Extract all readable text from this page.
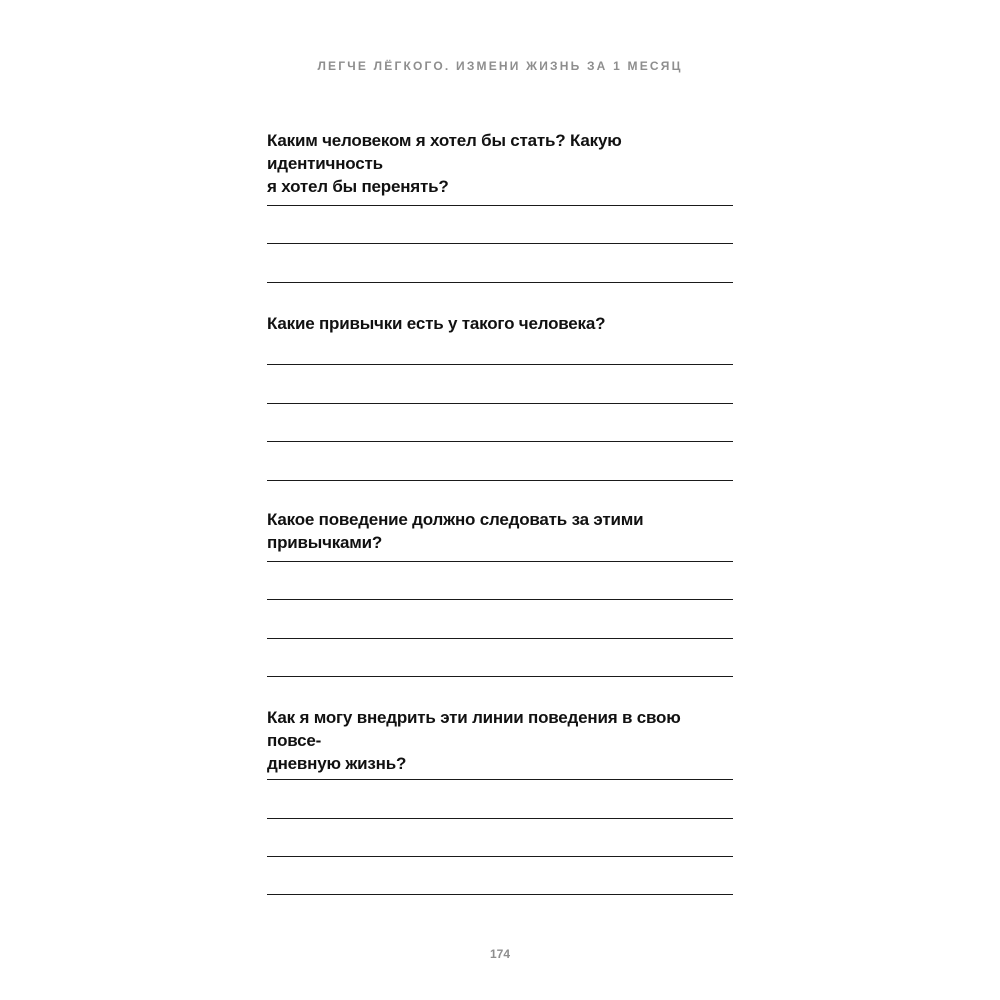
ЛЕГЧЕ ЛЁГКОГО. ИЗМЕНИ ЖИЗНЬ ЗА 1 МЕСЯЦ
Каким человеком я хотел бы стать? Какую идентичность
я хотел бы перенять?
Какие привычки есть у такого человека?
Какое поведение должно следовать за этими привычками?
Как я могу внедрить эти линии поведения в свою повсе-
дневную жизнь?
174
